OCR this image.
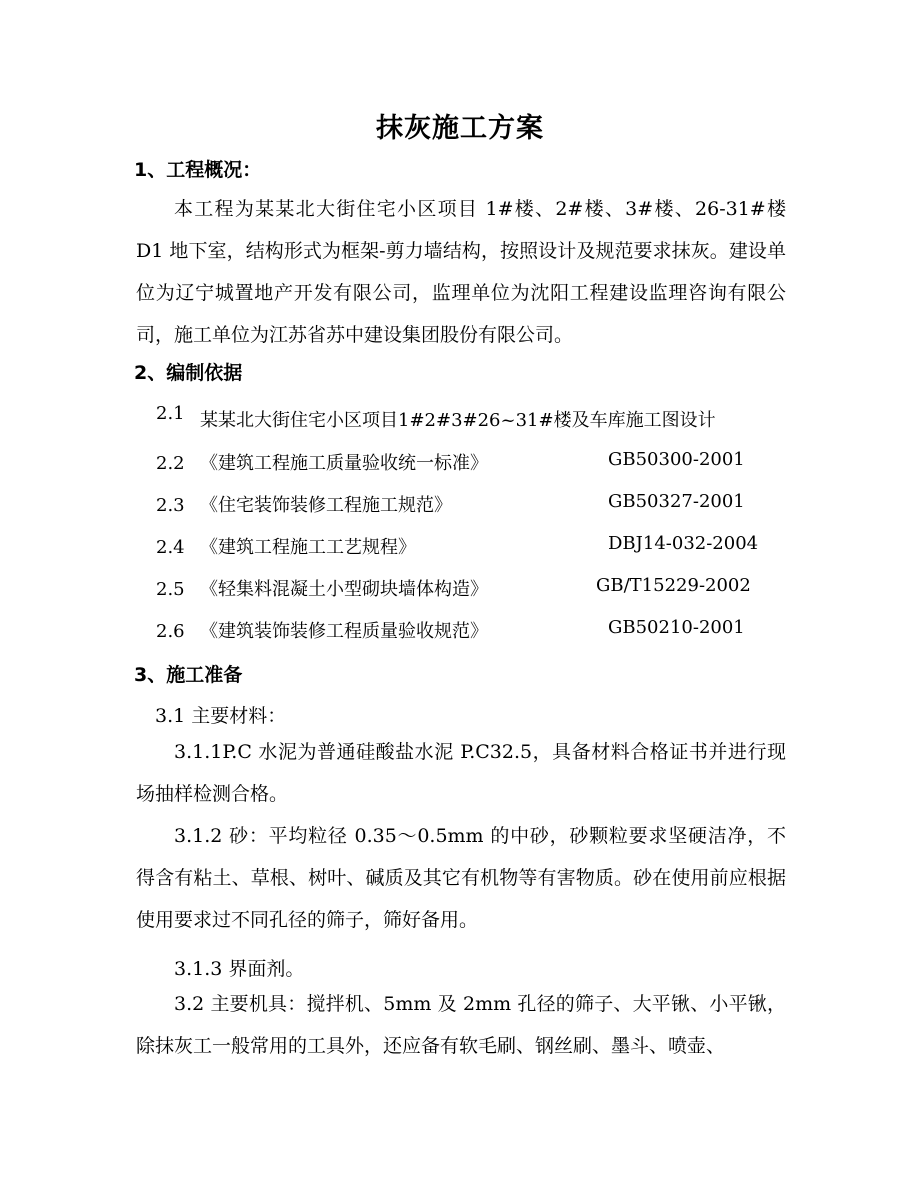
抹灰施工方案
1、工程概况：
本工程为某某北大街住宅小区项目 1#楼、2#楼、3#楼、26-31#楼 D1 地下室，结构形式为框架-剪力墙结构，按照设计及规范要求抹灰。建设单位为辽宁城置地产开发有限公司，监理单位为沈阳工程建设监理咨询有限公司，施工单位为江苏省苏中建设集团股份有限公司。
2、编制依据
2.1 某某北大街住宅小区项目1#2#3#26~31#楼及车库施工图设计
2.2 《建筑工程施工质量验收统一标准》	GB50300-2001
2.3 《住宅装饰装修工程施工规范》	GB50327-2001
2.4 《建筑工程施工工艺规程》	DBJ14-032-2004
2.5 《轻集料混凝土小型砌块墙体构造》	GB/T15229-2002
2.6 《建筑装饰装修工程质量验收规范》	GB50210-2001
3、施工准备
3.1 主要材料：
3.1.1P.C 水泥为普通硅酸盐水泥 P.C32.5，具备材料合格证书并进行现场抽样检测合格。
3.1.2 砂：平均粒径 0.35～0.5mm 的中砂，砂颗粒要求坚硬洁净，不得含有粘土、草根、树叶、碱质及其它有机物等有害物质。砂在使用前应根据使用要求过不同孔径的筛子，筛好备用。
3.1.3 界面剂。
3.2 主要机具：搅拌机、5mm 及 2mm 孔径的筛子、大平锹、小平锹，除抹灰工一般常用的工具外，还应备有软毛刷、钢丝刷、墨斗、喷壶、
